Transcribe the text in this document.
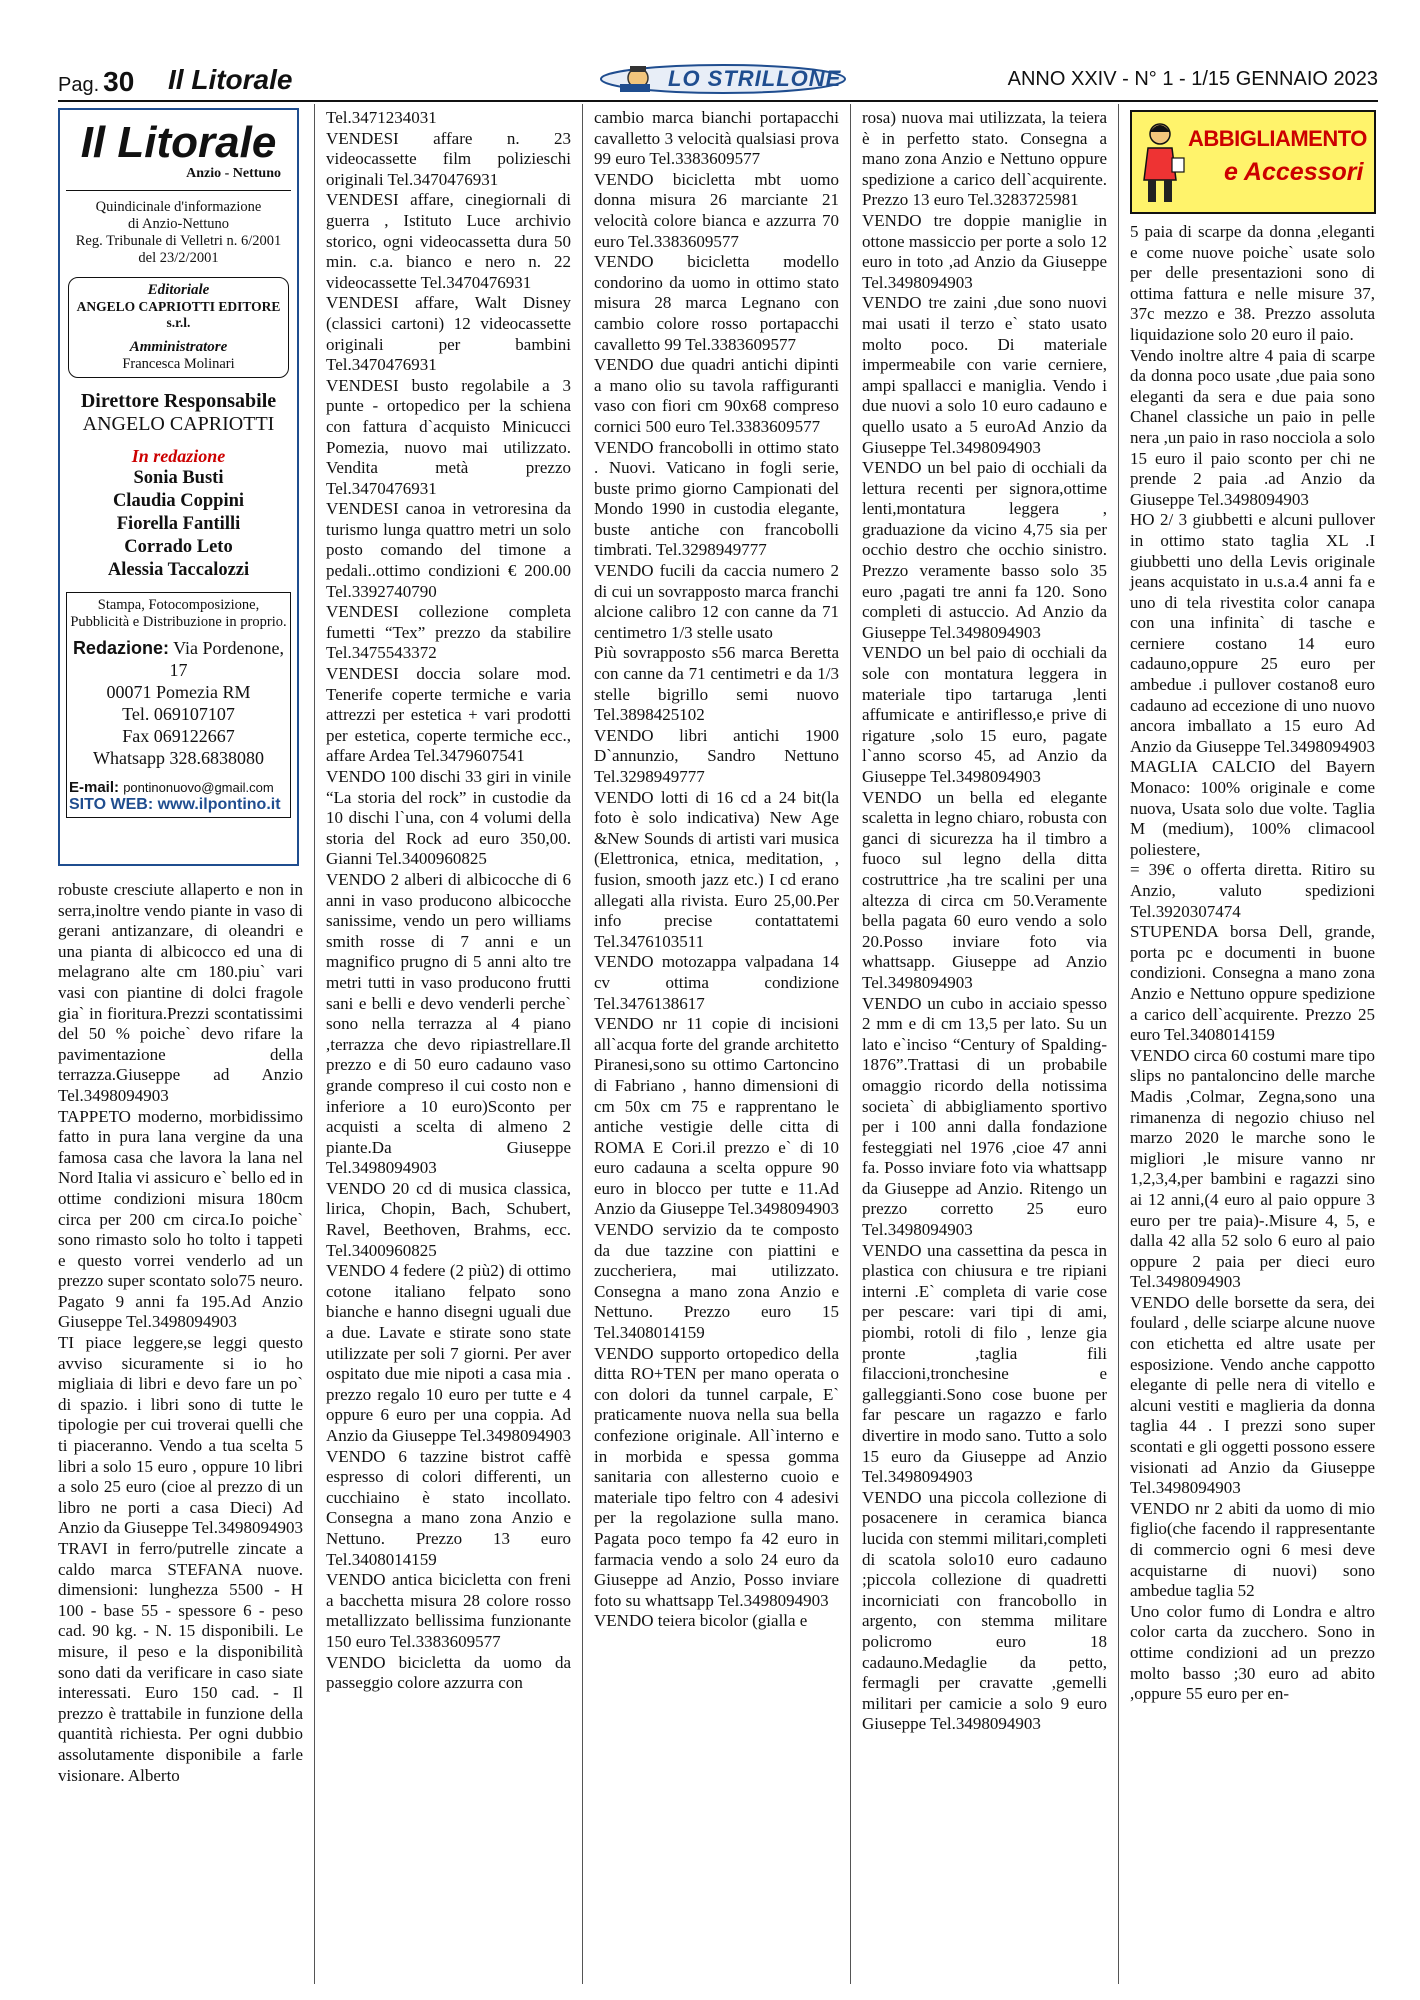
Pag. 30 Il Litorale	LO STRILLONE	ANNO XXIV - N° 1 - 1/15 GENNAIO 2023
Il Litorale
Anzio - Nettuno
Quindicinale d'informazione
di Anzio-Nettuno
Reg. Tribunale di Velletri n. 6/2001
del 23/2/2001
Editoriale
ANGELO CAPRIOTTI EDITORE s.r.l.
Amministratore
Francesca Molinari
Direttore Responsabile
ANGELO CAPRIOTTI
In redazione
Sonia Busti
Claudia Coppini
Fiorella Fantilli
Corrado Leto
Alessia Taccalozzi
Stampa, Fotocomposizione, Pubblicità e Distribuzione in proprio.
Redazione: Via Pordenone, 17
00071 Pomezia RM
Tel. 069107107
Fax 069122667
Whatsapp 328.6838080
E-mail: pontinonuovo@gmail.com
SITO WEB: www.ilpontino.it

robuste cresciute allaperto e non in serra,inoltre vendo piante in vaso di gerani antizanzare, di oleandri e una pianta di albicocco ed una di melagrano alte cm 180.piu` vari vasi con piantine di dolci fragole gia` in fioritura.Prezzi scontatissimi del 50 % poiche` devo rifare la pavimentazione della terrazza.Giuseppe ad Anzio Tel.3498094903

TAPPETO moderno, morbidissimo fatto in pura lana vergine da una famosa casa che lavora la lana nel Nord Italia vi assicuro e` bello ed in ottime condizioni misura 180cm circa per 200 cm circa.Io poiche` sono rimasto solo ho tolto i tappeti e questo vorrei venderlo ad un prezzo super scontato solo75 neuro. Pagato 9 anni fa 195.Ad Anzio Giuseppe Tel.3498094903

TI piace leggere,se leggi questo avviso sicuramente si io ho migliaia di libri e devo fare un po` di spazio. i libri sono di tutte le tipologie per cui troverai quelli che ti piaceranno. Vendo a tua scelta 5 libri a solo 15 euro , oppure 10 libri a solo 25 euro (cioe al prezzo di un libro ne porti a casa Dieci) Ad Anzio da Giuseppe Tel.3498094903

TRAVI in ferro/putrelle zincate a caldo marca STEFANA nuove. dimensioni: lunghezza 5500 - H 100 - base 55 - spessore 6 - peso cad. 90 kg. - N. 15 disponibili. Le misure, il peso e la disponibilità sono dati da verificare in caso siate interessati. Euro 150 cad. - Il prezzo è trattabile in funzione della quantità richiesta. Per ogni dubbio assolutamente disponibile a farle visionare. Alberto

Tel.3471234031

VENDESI affare n. 23 videocassette film polizieschi originali Tel.3470476931

VENDESI affare, cinegiornali di guerra , Istituto Luce archivio storico, ogni videocassetta dura 50 min. c.a. bianco e nero n. 22 videocassette Tel.3470476931

VENDESI affare, Walt Disney (classici cartoni) 12 videocassette originali per bambini Tel.3470476931

VENDESI busto regolabile a 3 punte - ortopedico per la schiena con fattura d`acquisto Minicucci Pomezia, nuovo mai utilizzato. Vendita metà prezzo Tel.3470476931

VENDESI canoa in vetroresina da turismo lunga quattro metri un solo posto comando del timone a pedali..ottimo condizioni € 200.00 Tel.3392740790

VENDESI collezione completa fumetti “Tex” prezzo da stabilire Tel.3475543372

VENDESI doccia solare mod. Tenerife coperte termiche e varia attrezzi per estetica + vari prodotti per estetica, coperte termiche ecc., affare Ardea Tel.3479607541

VENDO 100 dischi 33 giri in vinile “La storia del rock” in custodie da 10 dischi l`una, con 4 volumi della storia del Rock ad euro 350,00. Gianni Tel.3400960825

VENDO 2 alberi di albicocche di 6 anni in vaso producono albicocche sanissime, vendo un pero williams smith rosse di 7 anni e un magnifico prugno di 5 anni alto tre metri tutti in vaso producono frutti sani e belli e devo venderli perche` sono nella terrazza al 4 piano ,terrazza che devo ripiastrellare.Il prezzo e di 50 euro cadauno vaso grande compreso il cui costo non e inferiore a 10 euro)Sconto per acquisti a scelta di almeno 2 piante.Da Giuseppe Tel.3498094903

VENDO 20 cd di musica classica, lirica, Chopin, Bach, Schubert, Ravel, Beethoven, Brahms, ecc. Tel.3400960825

VENDO 4 federe (2 più2) di ottimo cotone italiano felpato sono bianche e hanno disegni uguali due a due. Lavate e stirate sono state utilizzate per soli 7 giorni. Per aver ospitato due mie nipoti a casa mia . prezzo regalo 10 euro per tutte e 4 oppure 6 euro per una coppia. Ad Anzio da Giuseppe Tel.3498094903

VENDO 6 tazzine bistrot caffè espresso di colori differenti, un cucchiaino è stato incollato. Consegna a mano zona Anzio e Nettuno. Prezzo 13 euro Tel.3408014159

VENDO antica bicicletta con freni a bacchetta misura 28 colore rosso metallizzato bellissima funzionante 150 euro Tel.3383609577

VENDO bicicletta da uomo da passeggio colore azzurra con

cambio marca bianchi portapacchi cavalletto 3 velocità qualsiasi prova 99 euro Tel.3383609577

VENDO bicicletta mbt uomo donna misura 26 marciante 21 velocità colore bianca e azzurra 70 euro Tel.3383609577

VENDO bicicletta modello condorino da uomo in ottimo stato misura 28 marca Legnano con cambio colore rosso portapacchi cavalletto 99 Tel.3383609577

VENDO due quadri antichi dipinti a mano olio su tavola raffiguranti vaso con fiori cm 90x68 compreso cornici 500 euro Tel.3383609577

VENDO francobolli in ottimo stato . Nuovi. Vaticano in fogli serie, buste primo giorno Campionati del Mondo 1990 in custodia elegante, buste antiche con francobolli timbrati. Tel.3298949777

VENDO fucili da caccia numero 2 di cui un sovrapposto marca franchi alcione calibro 12 con canne da 71 centimetro 1/3 stelle usato

Più sovrapposto s56 marca Beretta con canne da 71 centimetri e da 1/3 stelle bigrillo semi nuovo Tel.3898425102

VENDO libri antichi 1900 D`annunzio, Sandro Nettuno Tel.3298949777

VENDO lotti di 16 cd a 24 bit(la foto è solo indicativa) New Age &New Sounds di artisti vari musica (Elettronica, etnica, meditation, , fusion, smooth jazz etc.) I cd erano allegati alla rivista. Euro 25,00.Per info precise contattatemi Tel.3476103511

VENDO motozappa valpadana 14 cv ottima condizione Tel.3476138617

VENDO nr 11 copie di incisioni all`acqua forte del grande architetto Piranesi,sono su ottimo Cartoncino di Fabriano , hanno dimensioni di cm 50x cm 75 e rapprentano le antiche vestigie delle citta di ROMA E Cori.il prezzo e` di 10 euro cadauna a scelta oppure 90 euro in blocco per tutte e 11.Ad Anzio da Giuseppe Tel.3498094903

VENDO servizio da te composto da due tazzine con piattini e zuccheriera, mai utilizzato. Consegna a mano zona Anzio e Nettuno. Prezzo euro 15 Tel.3408014159

VENDO supporto ortopedico della ditta RO+TEN per mano operata o con dolori da tunnel carpale, E` praticamente nuova nella sua bella confezione originale. All`interno e in morbida e spessa gomma sanitaria con allesterno cuoio e materiale tipo feltro con 4 adesivi per la regolazione sulla mano. Pagata poco tempo fa 42 euro in farmacia vendo a solo 24 euro da Giuseppe ad Anzio, Posso inviare foto su whattsapp Tel.3498094903

VENDO teiera bicolor (gialla e

rosa) nuova mai utilizzata, la teiera è in perfetto stato. Consegna a mano zona Anzio e Nettuno oppure spedizione a carico dell`acquirente. Prezzo 13 euro Tel.3283725981

VENDO tre doppie maniglie in ottone massiccio per porte a solo 12 euro in toto ,ad Anzio da Giuseppe Tel.3498094903

VENDO tre zaini ,due sono nuovi mai usati il terzo e` stato usato molto poco. Di materiale impermeabile con varie cerniere, ampi spallacci e maniglia. Vendo i due nuovi a solo 10 euro cadauno e quello usato a 5 euroAd Anzio da Giuseppe Tel.3498094903

VENDO un bel paio di occhiali da lettura recenti per signora,ottime lenti,montatura leggera , graduazione da vicino 4,75 sia per occhio destro che occhio sinistro. Prezzo veramente basso solo 35 euro ,pagati tre anni fa 120. Sono completi di astuccio. Ad Anzio da Giuseppe Tel.3498094903

VENDO un bel paio di occhiali da sole con montatura leggera in materiale tipo tartaruga ,lenti affumicate e antiriflesso,e prive di rigature ,solo 15 euro, pagate l`anno scorso 45, ad Anzio da Giuseppe Tel.3498094903

VENDO un bella ed elegante scaletta in legno chiaro, robusta con ganci di sicurezza ha il timbro a fuoco sul legno della ditta costruttrice ,ha tre scalini per una altezza di circa cm 50.Veramente bella pagata 60 euro vendo a solo 20.Posso inviare foto via whattsapp. Giuseppe ad Anzio Tel.3498094903

VENDO un cubo in acciaio spesso 2 mm e di cm 13,5 per lato. Su un lato e`inciso “Century of Spalding-1876”.Trattasi di un probabile omaggio ricordo della notissima societa` di abbigliamento sportivo per i 100 anni dalla fondazione festeggiati nel 1976 ,cioe 47 anni fa. Posso inviare foto via whattsapp da Giuseppe ad Anzio. Ritengo un prezzo corretto 25 euro Tel.3498094903

VENDO una cassettina da pesca in plastica con chiusura e tre ripiani interni .E` completa di varie cose per pescare: vari tipi di ami, piombi, rotoli di filo , lenze gia pronte ,taglia fili filaccioni,tronchesine e galleggianti.Sono cose buone per far pescare un ragazzo e farlo divertire in modo sano. Tutto a solo 15 euro da Giuseppe ad Anzio Tel.3498094903

VENDO una piccola collezione di posacenere in ceramica bianca lucida con stemmi militari,completi di scatola solo10 euro cadauno ;piccola collezione di quadretti incorniciati con francobollo in argento, con stemma militare policromo euro 18 cadauno.Medaglie da petto, fermagli per cravatte ,gemelli militari per camicie a solo 9 euro Giuseppe Tel.3498094903

ABBIGLIAMENTO
e Accessori

5 paia di scarpe da donna ,eleganti e come nuove poiche` usate solo per delle presentazioni sono di ottima fattura e nelle misure 37, 37c mezzo e 38. Prezzo assoluta liquidazione solo 20 euro il paio.

Vendo inoltre altre 4 paia di scarpe da donna poco usate ,due paia sono eleganti da sera e due paia sono Chanel classiche un paio in pelle nera ,un paio in raso nocciola a solo 15 euro il paio sconto per chi ne prende 2 paia .ad Anzio da Giuseppe Tel.3498094903

HO 2/ 3 giubbetti e alcuni pullover in ottimo stato taglia XL .I giubbetti uno della Levis originale jeans acquistato in u.s.a.4 anni fa e uno di tela rivestita color canapa con una infinita` di tasche e cerniere costano 14 euro cadauno,oppure 25 euro per ambedue .i pullover costano8 euro cadauno ad eccezione di uno nuovo ancora imballato a 15 euro Ad Anzio da Giuseppe Tel.3498094903

MAGLIA CALCIO del Bayern Monaco: 100% originale e come nuova, Usata solo due volte. Taglia M (medium), 100% climacool poliestere,

= 39€ o offerta diretta. Ritiro su Anzio, valuto spedizioni Tel.3920307474

STUPENDA borsa Dell, grande, porta pc e documenti in buone condizioni. Consegna a mano zona Anzio e Nettuno oppure spedizione a carico dell`acquirente. Prezzo 25 euro Tel.3408014159

VENDO circa 60 costumi mare tipo slips no pantaloncino delle marche Madis ,Colmar, Zegna,sono una rimanenza di negozio chiuso nel marzo 2020 le marche sono le migliori ,le misure vanno nr 1,2,3,4,per bambini e ragazzi sino ai 12 anni,(4 euro al paio oppure 3 euro per tre paia)-.Misure 4, 5, e dalla 42 alla 52 solo 6 euro al paio oppure 2 paia per dieci euro Tel.3498094903

VENDO delle borsette da sera, dei foulard , delle sciarpe alcune nuove con etichetta ed altre usate per esposizione. Vendo anche cappotto elegante di pelle nera di vitello e alcuni vestiti e maglieria da donna taglia 44 . I prezzi sono super scontati e gli oggetti possono essere visionati ad Anzio da Giuseppe Tel.3498094903

VENDO nr 2 abiti da uomo di mio figlio(che facendo il rappresentante di commercio ogni 6 mesi deve acquistarne di nuovi) sono ambedue taglia 52

Uno color fumo di Londra e altro color carta da zucchero. Sono in ottime condizioni ad un prezzo molto basso ;30 euro ad abito ,oppure 55 euro per en-
